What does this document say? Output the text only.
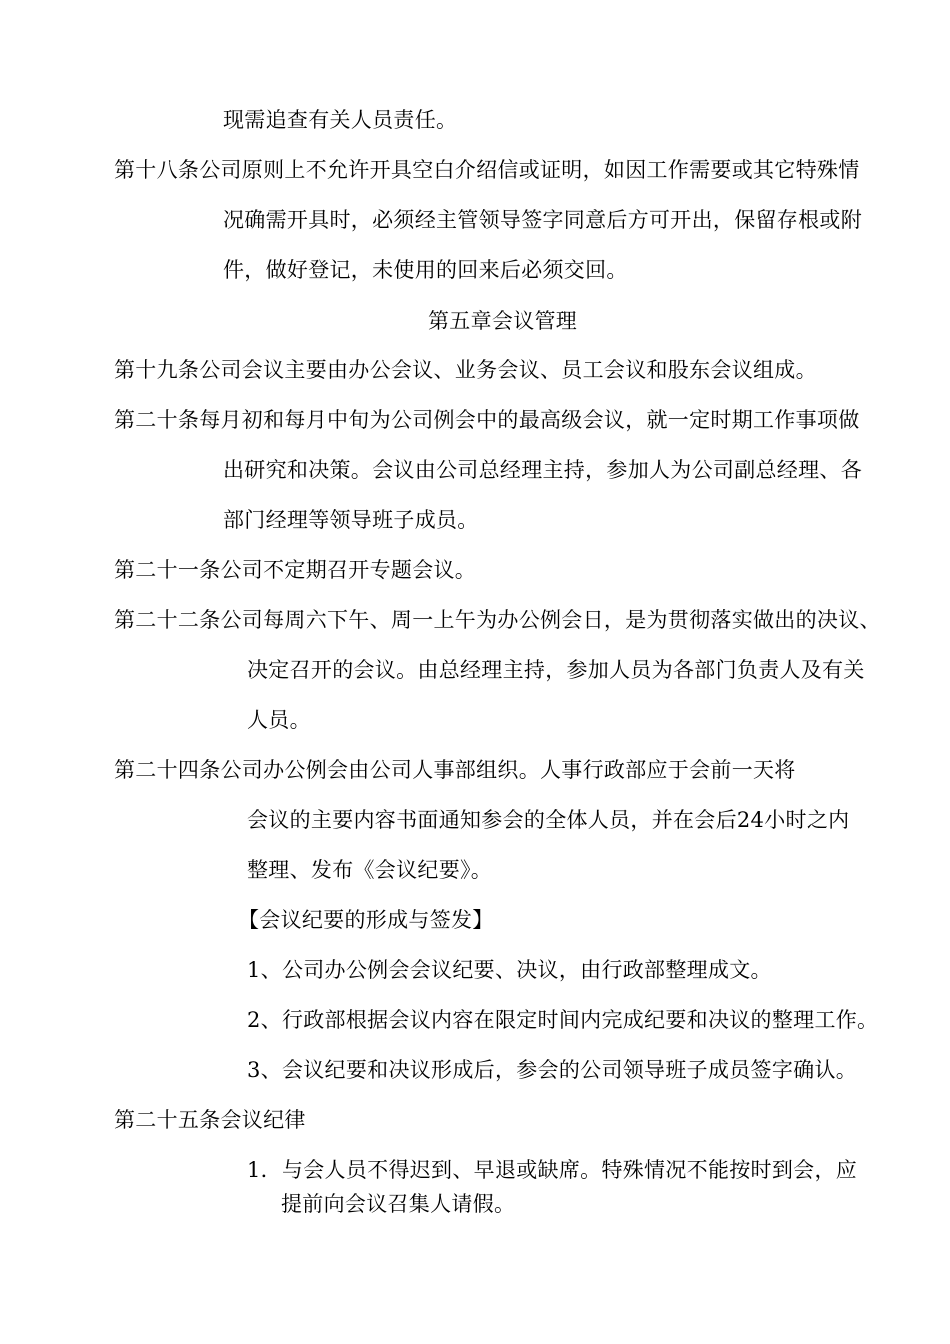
现需追查有关人员责任。

第十八条公司原则上不允许开具空白介绍信或证明，如因工作需要或其它特殊情

况确需开具时，必须经主管领导签字同意后方可开出，保留存根或附

件，做好登记，未使用的回来后必须交回。

第五章会议管理

第十九条公司会议主要由办公会议、业务会议、员工会议和股东会议组成。

第二十条每月初和每月中旬为公司例会中的最高级会议，就一定时期工作事项做

出研究和决策。会议由公司总经理主持，参加人为公司副总经理、各

部门经理等领导班子成员。

第二十一条公司不定期召开专题会议。

第二十二条公司每周六下午、周一上午为办公例会日，是为贯彻落实做出的决议、

决定召开的会议。由总经理主持，参加人员为各部门负责人及有关

人员。

第二十四条公司办公例会由公司人事部组织。人事行政部应于会前一天将

会议的主要内容书面通知参会的全体人员，并在会后24小时之内

整理、发布《会议纪要》。

【会议纪要的形成与签发】

1、公司办公例会会议纪要、决议，由行政部整理成文。

2、行政部根据会议内容在限定时间内完成纪要和决议的整理工作。

3、会议纪要和决议形成后，参会的公司领导班子成员签字确认。

第二十五条会议纪律

1．与会人员不得迟到、早退或缺席。特殊情况不能按时到会，应

提前向会议召集人请假。
